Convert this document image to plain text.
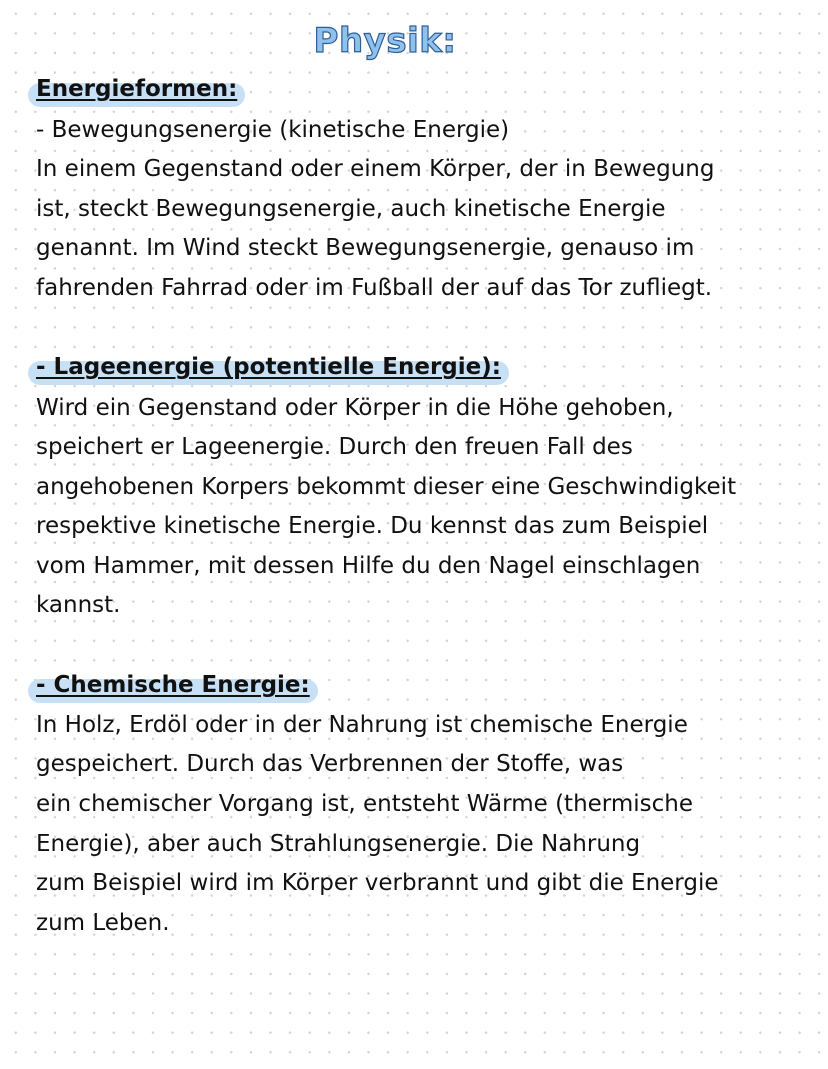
Physik:
Energieformen:
- Bewegungsenergie (kinetische Energie)
In einem Gegenstand oder einem Körper, der in Bewegung
ist, steckt Bewegungsenergie, auch kinetische Energie
genannt. Im Wind steckt Bewegungsenergie, genauso im
fahrenden Fahrrad oder im Fußball der auf das Tor zufliegt.
- Lageenergie (potentielle Energie):
Wird ein Gegenstand oder Körper in die Höhe gehoben,
speichert er Lageenergie. Durch den freuen Fall des
angehobenen Korpers bekommt dieser eine Geschwindigkeit
respektive kinetische Energie. Du kennst das zum Beispiel
vom Hammer, mit dessen Hilfe du den Nagel einschlagen
kannst.
- Chemische Energie:
In Holz, Erdöl oder in der Nahrung ist chemische Energie
gespeichert. Durch das Verbrennen der Stoffe, was
ein chemischer Vorgang ist, entsteht Wärme (thermische
Energie), aber auch Strahlungsenergie. Die Nahrung
zum Beispiel wird im Körper verbrannt und gibt die Energie
zum Leben.
